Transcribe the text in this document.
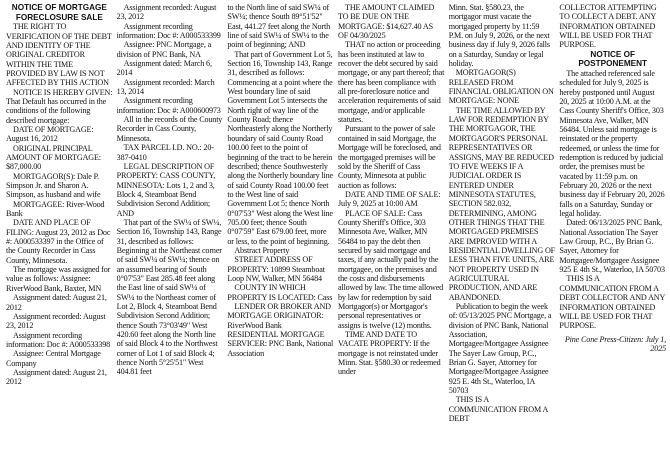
NOTICE OF MORTGAGE FORECLOSURE SALE

THE RIGHT TO VERIFICATION OF THE DEBT AND IDENTITY OF THE ORIGINAL CREDITOR WITHIN THE TIME PROVIDED BY LAW IS NOT AFFECTED BY THIS ACTION

NOTICE IS HEREBY GIVEN: That Default has occurred in the conditions of the following described mortgage:

DATE OF MORTGAGE: August 16, 2012

ORIGINAL PRINCIPAL AMOUNT OF MORTGAGE: $87,000.00

MORTGAGOR(S): Dale P. Simpson Jr. and Sharon A. Simpson, as husband and wife

MORTGAGEE: River-Wood Bank

DATE AND PLACE OF FILING: August 23, 2012 as Doc #: A000533397 in the Office of the County Recorder in Cass County, Minnesota.

The mortgage was assigned for value as follows: Assignee: RiverWood Bank, Baxter, MN

Assignment dated: August 21, 2012

Assignment recorded: August 23, 2012

Assignment recording information: Doc #: A000533398

Assignee: Central Mortgage Company

Assignment dated: August 21, 2012

Assignment recorded: August 23, 2012

Assignment recording information: Doc #: A000533399

Assignee: PNC Mortgage, a division of PNC Bank, NA

Assignment dated: March 6, 2014

Assignment recorded: March 13, 2014

Assignment recording information: Doc #: A000600973

All in the records of the County Recorder in Cass County, Minnesota.

TAX PARCEL I.D. NO.: 20-387-0410

LEGAL DESCRIPTION OF PROPERTY: CASS COUNTY, MINNESOTA: Lots 1, 2 and 3, Block 4, Steamboat Bend Subdivision Second Addition; AND

That part of the SW¼ of SW¼, Section 16, Township 143, Range 31, described as follows: Beginning at the Northeast corner of said SW¼ of SW¼; thence on an assumed bearing of South 0°07'53" East 285.48 feet along the East line of said SW¼ of SW¼ to the Northeast corner of Lot 2, Block 4, Steamboat Bend Subdivision Second Addition; thence South 73°03'49" West 420.60 feet along the North line of said Block 4 to the Northwest corner of Lot 1 of said Block 4; thence North 5°25'51" West 404.81 feet

to the North line of said SW¼ of SW¼; thence South 89°51'52" East, 441.27 feet along the North line of said SW¼ of SW¼ to the point of beginning; AND

That part of Government Lot 5, Section 16, Township 143, Range 31, described as follows: Commencing at a point where the West boundary line of said Government Lot 5 intersects the North right of way line of the County Road; thence Northeasterly along the Northerly boundary of said County Road 100.00 feet to the point of beginning of the tract to be herein described; thence Southwesterly along the Northerly boundary line of said County Road 100.00 feet to the West line of said Government Lot 5; thence North 0°07'53" West along the West line 705.00 feet; thence South 0°07'59" East 679.00 feet, more or less, to the point of beginning.

Abstract Property

STREET ADDRESS OF PROPERTY: 10899 Steamboat Loop NW, Walker, MN 56484

COUNTY IN WHICH PROPERTY IS LOCATED: Cass

LENDER OR BROKER AND MORTGAGE ORIGINATOR: RiverWood Bank RESIDENTIAL MORTGAGE SERVICER: PNC Bank, National Association

THE AMOUNT CLAIMED TO BE DUE ON THE MORTGAGE: $14,627.40 AS OF 04/30/2025

THAT no action or proceeding has been instituted at law to recover the debt secured by said mortgage, or any part thereof; that there has been compliance with all pre-foreclosure notice and acceleration requirements of said mortgage, and/or applicable statutes.

Pursuant to the power of sale contained in said Mortgage, the Mortgage will be foreclosed, and the mortgaged premises will be sold by the Sheriff of Cass County, Minnesota at public auction as follows:

DATE AND TIME OF SALE: July 9, 2025 at 10:00 AM

PLACE OF SALE: Cass County Sheriff's Office, 303 Minnesota Ave, Walker, MN 56484 to pay the debt then secured by said mortgage and taxes, if any actually paid by the mortgagee, on the premises and the costs and disbursements allowed by law. The time allowed by law for redemption by said Mortgagor(s) or Mortgagor's personal representatives or assigns is twelve (12) months.

TIME AND DATE TO VACATE PROPERTY: If the mortgage is not reinstated under Minn. Stat. §580.30 or redeemed under

Minn. Stat. §580.23, the mortgagor must vacate the mortgaged property by 11:59 P.M. on July 9, 2026, or the next business day if July 9, 2026 falls on a Saturday, Sunday or legal holiday.

MORTGAGOR(S) RELEASED FROM FINANCIAL OBLIGATION ON MORTGAGE: NONE

THE TIME ALLOWED BY LAW FOR REDEMPTION BY THE MORTGAGOR, THE MORTGAGOR'S PERSONAL REPRESENTATIVES OR ASSIGNS, MAY BE REDUCED TO FIVE WEEKS IF A JUDICIAL ORDER IS ENTERED UNDER MINNESOTA STATUTES, SECTION 582.032, DETERMINING, AMONG OTHER THINGS THAT THE MORTGAGED PREMISES ARE IMPROVED WITH A RESIDENTIAL DWELLING OF LESS THAN FIVE UNITS, ARE NOT PROPERTY USED IN AGRICULTURAL PRODUCTION, AND ARE ABANDONED.

Publication to begin the week of: 05/13/2025 PNC Mortgage, a division of PNC Bank, National Association, Mortgagee/Mortgagee Assignee The Sayer Law Group, P.C., Brian G. Sayer, Attorney for Mortgagee/Mortgagee Assignee 925 E. 4th St., Waterloo, IA 50703

THIS IS A COMMUNICATION FROM A DEBT

COLLECTOR ATTEMPTING TO COLLECT A DEBT. ANY INFORMATION OBTAINED WILL BE USED FOR THAT PURPOSE.

NOTICE OF POSTPONEMENT

The attached referenced sale scheduled for July 9, 2025 is hereby postponed until August 20, 2025 at 10:00 A.M. at the Cass County Sheriff's Office, 303 Minnesota Ave, Walker, MN 56484. Unless said mortgage is reinstated or the property redeemed, or unless the time for redemption is reduced by judicial order, the premises must be vacated by 11:59 p.m. on February 20, 2026 or the next business day if February 20, 2026 falls on a Saturday, Sunday or legal holiday.

Dated: 06/13/2025 PNC Bank, National Association The Sayer Law Group, P.C., By Brian G. Sayer, Attorney for Mortgagee/Mortgagee Assignee 925 E 4th St., Waterloo, IA 50703

THIS IS A COMMUNICATION FROM A DEBT COLLECTOR AND ANY INFORMATION OBTAINED WILL BE USED FOR THAT PURPOSE.

Pine Cone Press-Citizen: July 1, 2025
